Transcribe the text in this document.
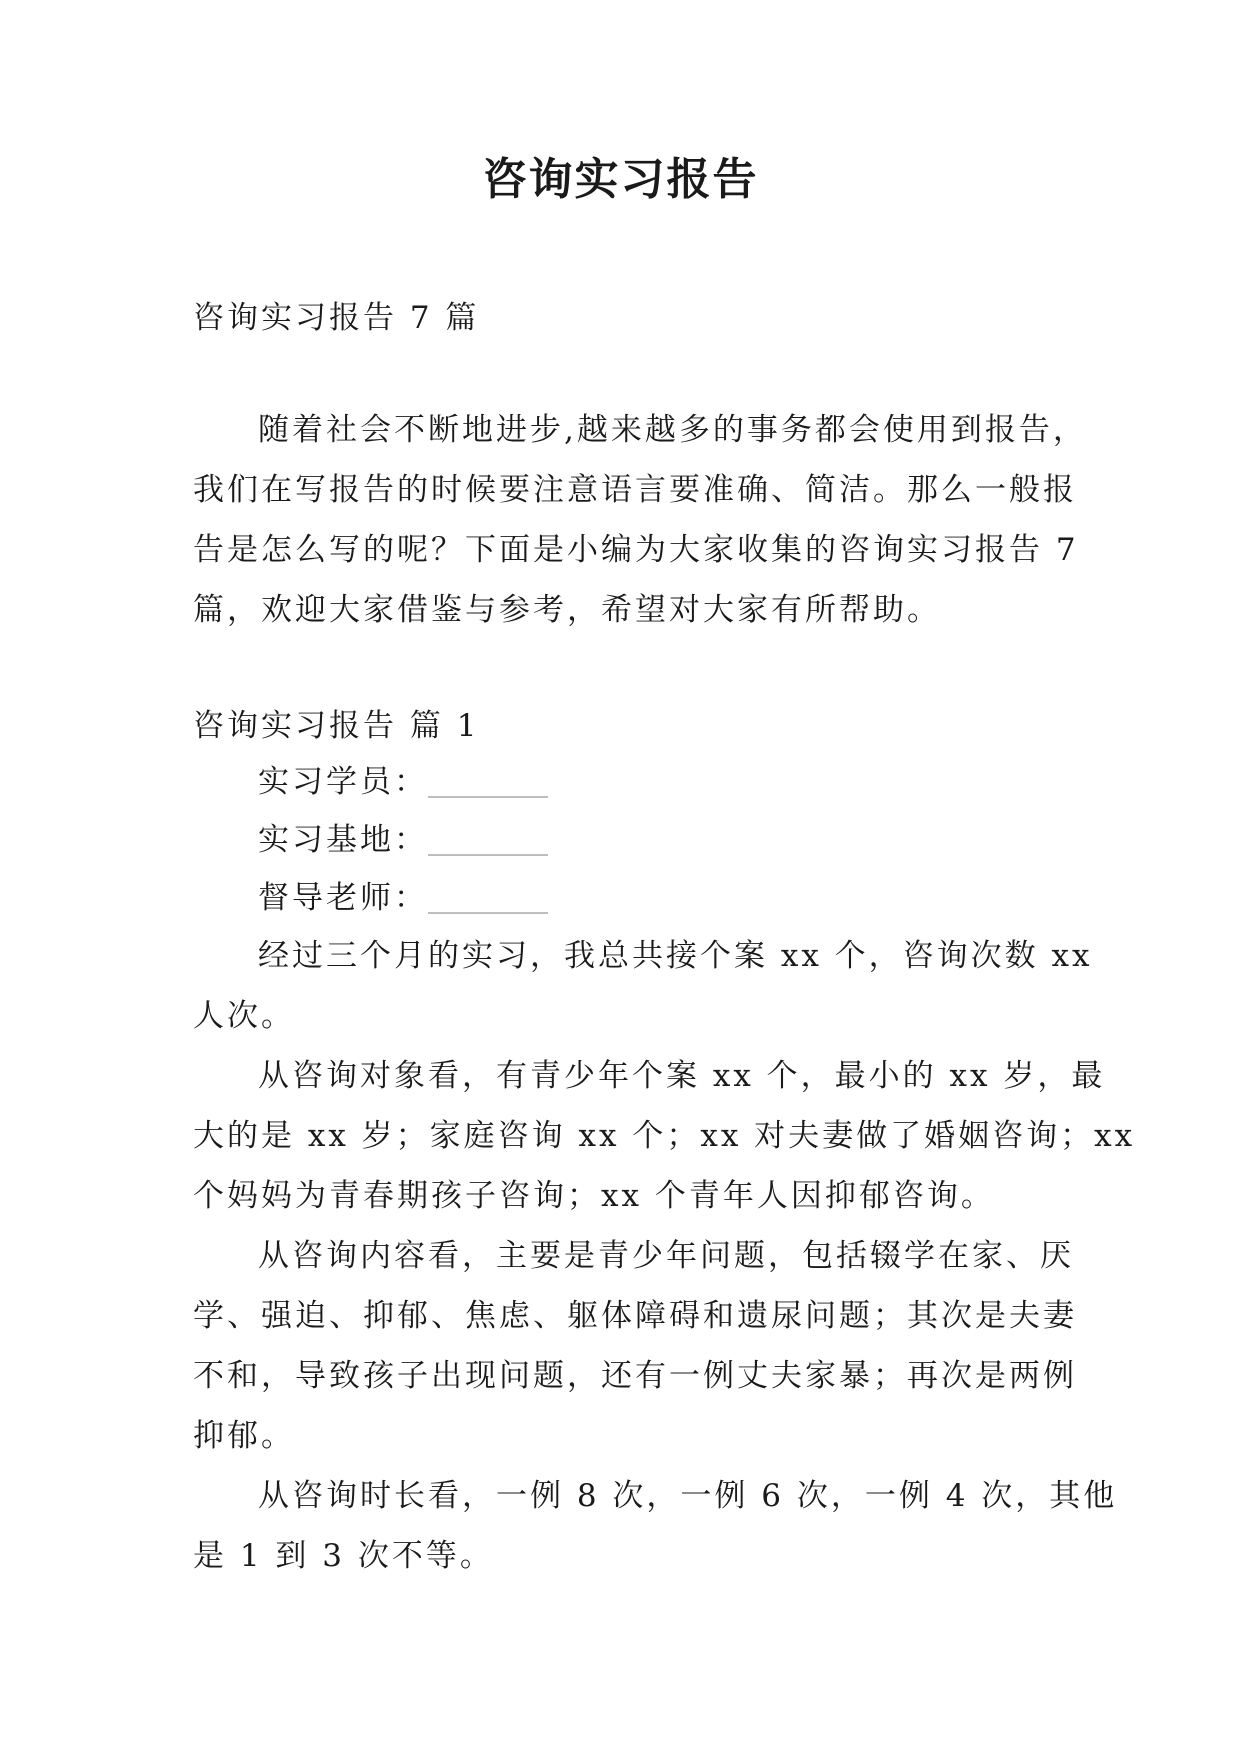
咨询实习报告
咨询实习报告 7 篇
随着社会不断地进步,越来越多的事务都会使用到报告，
我们在写报告的时候要注意语言要准确、简洁。那么一般报
告是怎么写的呢？下面是小编为大家收集的咨询实习报告 7
篇，欢迎大家借鉴与参考，希望对大家有所帮助。
咨询实习报告 篇 1
实习学员：__________
实习基地：__________
督导老师：__________
经过三个月的实习，我总共接个案 xx 个，咨询次数 xx
人次。
从咨询对象看，有青少年个案 xx 个，最小的 xx 岁，最
大的是 xx 岁；家庭咨询 xx 个；xx 对夫妻做了婚姻咨询；xx
个妈妈为青春期孩子咨询；xx 个青年人因抑郁咨询。
从咨询内容看，主要是青少年问题，包括辍学在家、厌
学、强迫、抑郁、焦虑、躯体障碍和遗尿问题；其次是夫妻
不和，导致孩子出现问题，还有一例丈夫家暴；再次是两例
抑郁。
从咨询时长看，一例 8 次，一例 6 次，一例 4 次，其他
是 1 到 3 次不等。
